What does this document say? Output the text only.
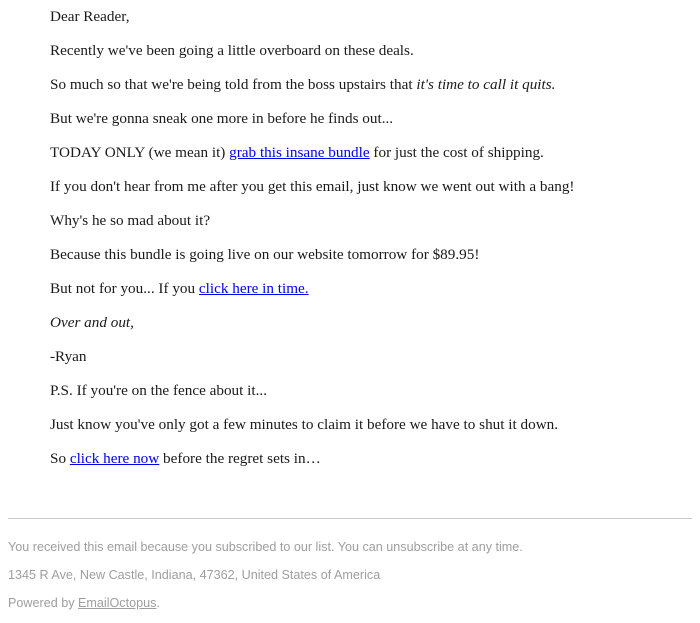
Dear Reader,

Recently we've been going a little overboard on these deals.

So much so that we're being told from the boss upstairs that it's time to call it quits.

But we're gonna sneak one more in before he finds out...

TODAY ONLY (we mean it) grab this insane bundle for just the cost of shipping.

If you don't hear from me after you get this email, just know we went out with a bang!

Why's he so mad about it?

Because this bundle is going live on our website tomorrow for $89.95!

But not for you... If you click here in time.

Over and out,

-Ryan

P.S. If you're on the fence about it...

Just know you've only got a few minutes to claim it before we have to shut it down.

So click here now before the regret sets in…

You received this email because you subscribed to our list. You can unsubscribe at any time.

1345 R Ave, New Castle, Indiana, 47362, United States of America

Powered by EmailOctopus.
